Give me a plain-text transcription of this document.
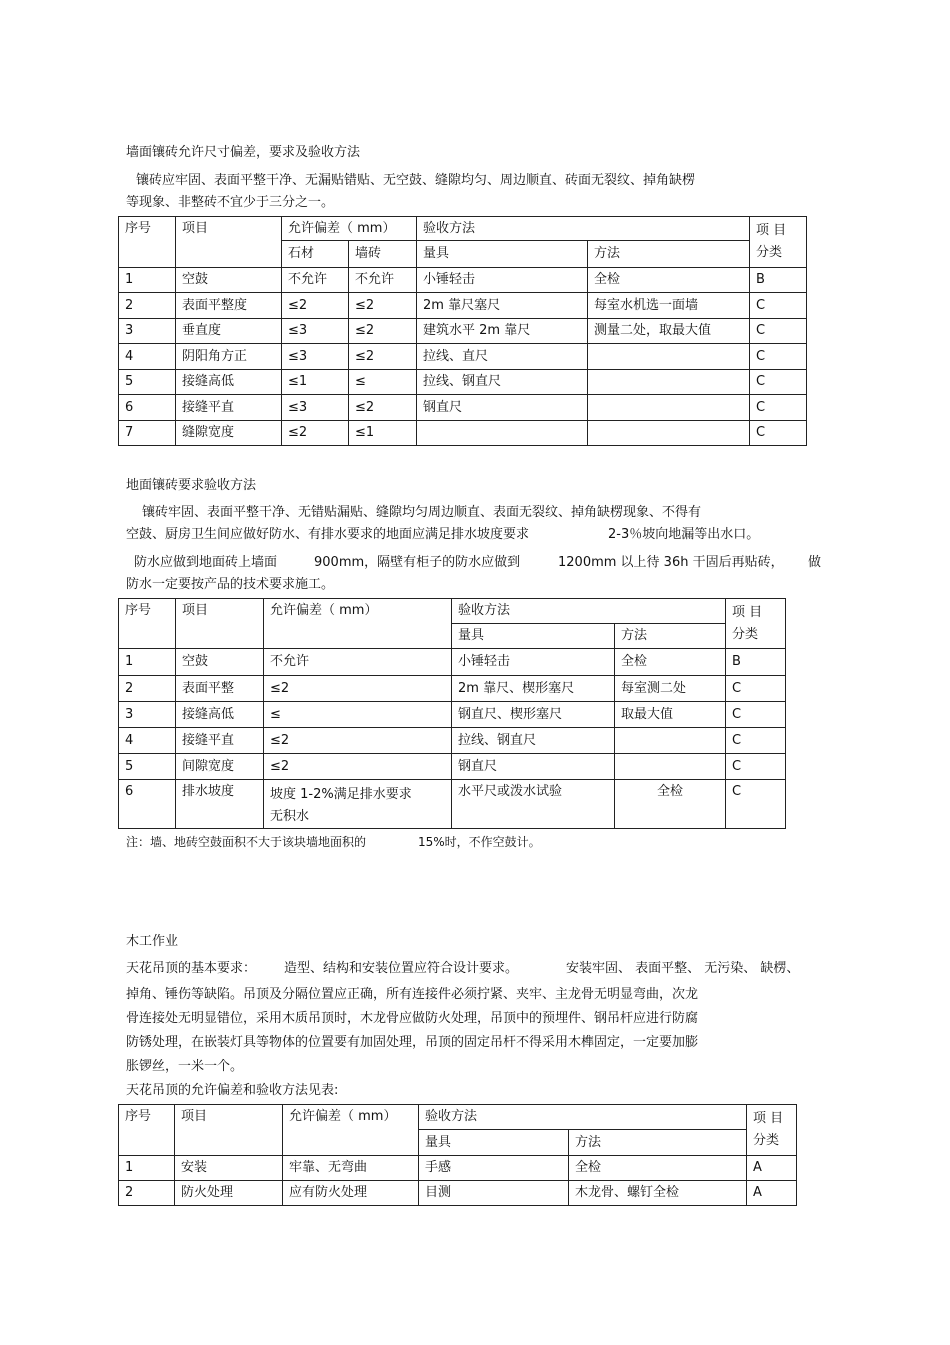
墙面镶砖允许尺寸偏差，要求及验收方法
镶砖应牢固、表面平整干净、无漏贴错贴、无空鼓、缝隙均匀、周边顺直、砖面无裂纹、掉角缺楞
等现象、非整砖不宜少于三分之一。
序号	项目	允许偏差（ mm）		验收方法		项 目
分类
		石材	墙砖	量具	方法	
1	空鼓	不允许	不允许	小锤轻击	全检	B
2	表面平整度	≤2	≤2	2m 靠尺塞尺	每室水机选一面墙	C
3	垂直度	≤3	≤2	建筑水平 2m 靠尺	测量二处，取最大值	C
4	阴阳角方正	≤3	≤2	拉线、直尺		C
5	接缝高低	≤1	≤	拉线、钢直尺		C
6	接缝平直	≤3	≤2	钢直尺		C
7	缝隙宽度	≤2	≤1			C
地面镶砖要求验收方法
镶砖牢固、表面平整干净、无错贴漏贴、缝隙均匀周边顺直、表面无裂纹、掉角缺楞现象、不得有
空鼓、厨房卫生间应做好防水、有排水要求的地面应满足排水坡度要求	2-3％坡向地漏等出水口。
防水应做到地面砖上墙面	900mm，隔壁有柜子的防水应做到	1200mm 以上待 36h 干固后再贴砖， 做
防水一定要按产品的技术要求施工。
序号	项目	允许偏差（ mm）	验收方法		项 目
分类
			量具	方法	
1	空鼓	不允许	小锤轻击	全检	B
2	表面平整	≤2	2m 靠尺、楔形塞尺	每室测二处	C
3	接缝高低	≤	钢直尺、楔形塞尺	取最大值	C
4	接缝平直	≤2	拉线、钢直尺		C
5	间隙宽度	≤2	钢直尺		C
6	排水坡度	坡度 1-2%满足排水要求
无积水	水平尺或泼水试验	全检	C
注：墙、地砖空鼓面积不大于该块墙地面积的	15%时，不作空鼓计。
木工作业
天花吊顶的基本要求： 造型、结构和安装位置应符合设计要求。	安装牢固、 表面平整、 无污染、 缺楞、
掉角、锤伤等缺陷。吊顶及分隔位置应正确，所有连接件必须拧紧、夹牢、主龙骨无明显弯曲，次龙
骨连接处无明显错位，采用木质吊顶时，木龙骨应做防火处理，吊顶中的预埋件、钢吊杆应进行防腐
防锈处理，在嵌装灯具等物体的位置要有加固处理，吊顶的固定吊杆不得采用木榫固定，一定要加膨
胀锣丝，一米一个。
天花吊顶的允许偏差和验收方法见表:
序号	项目	允许偏差（ mm）	验收方法		项 目
分类
			量具	方法	
1	安装	牢靠、无弯曲	手感	全检	A
2	防火处理	应有防火处理	目测	木龙骨、螺钉全检	A
